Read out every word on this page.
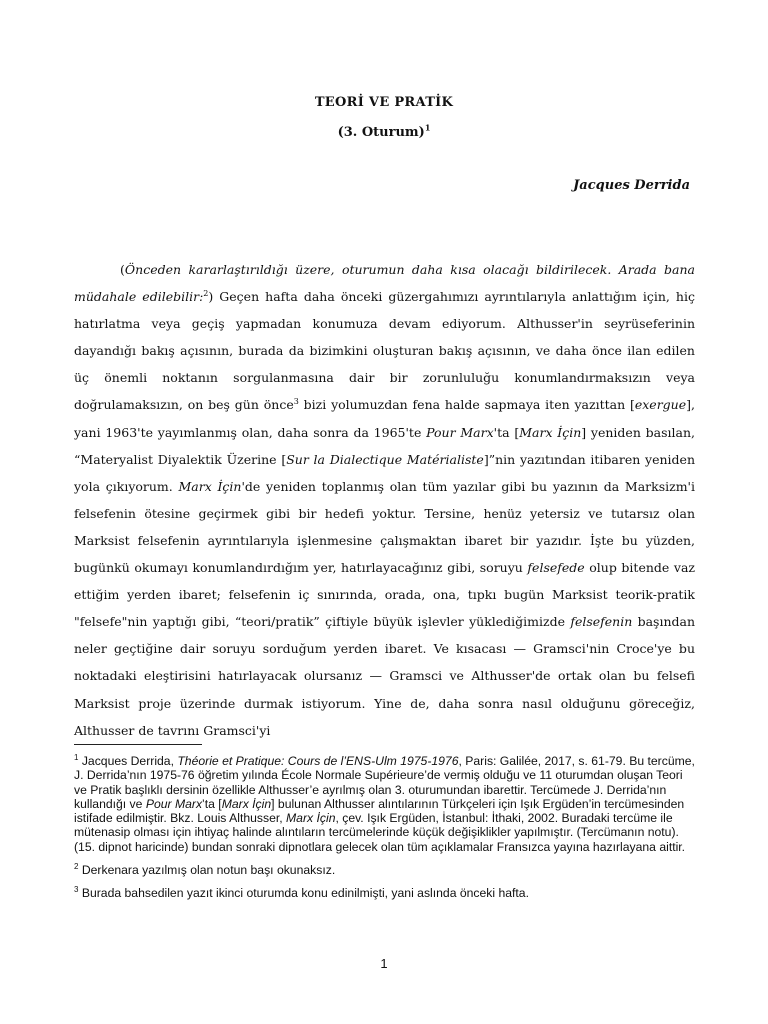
TEORİ VE PRATİK
(3. Oturum)$^1$
Jacques Derrida

(Önceden kararlaştırıldığı üzere, oturumun daha kısa olacağı bildirilecek. Arada bana müdahale edilebilir:$^2$) Geçen hafta daha önceki güzergahımızı ayrıntılarıyla anlattığım için, hiç hatırlatma veya geçiş yapmadan konumuza devam ediyorum. Althusser'in seyrüseferinin dayandığı bakış açısının, burada da bizimkini oluşturan bakış açısının, ve daha önce ilan edilen üç önemli noktanın sorgulanmasına dair bir zorunluluğu konumlandırmaksızın veya doğrulamaksızın, on beş gün önce$^3$ bizi yolumuzdan fena halde sapmaya iten yazıttan [exergue], yani 1963'te yayımlanmış olan, daha sonra da 1965'te Pour Marx'ta [Marx İçin] yeniden basılan, “Materyalist Diyalektik Üzerine [Sur la Dialectique Matérialiste]”nin yazıtından itibaren yeniden yola çıkıyorum. Marx İçin'de yeniden toplanmış olan tüm yazılar gibi bu yazının da Marksizm'i felsefenin ötesine geçirmek gibi bir hedefi yoktur. Tersine, henüz yetersiz ve tutarsız olan Marksist felsefenin ayrıntılarıyla işlenmesine çalışmaktan ibaret bir yazıdır. İşte bu yüzden, bugünkü okumayı konumlandırdığım yer, hatırlayacağınız gibi, soruyu felsefede olup bitende vaz ettiğim yerden ibaret; felsefenin iç sınırında, orada, ona, tıpkı bugün Marksist teorik-pratik "felsefe"nin yaptığı gibi, “teori/pratik” çiftiyle büyük işlevler yüklediğimizde felsefenin başından neler geçtiğine dair soruyu sorduğum yerden ibaret. Ve kısacası — Gramsci'nin Croce'ye bu noktadaki eleştirisini hatırlayacak olursanız — Gramsci ve Althusser'de ortak olan bu felsefi Marksist proje üzerinde durmak istiyorum. Yine de, daha sonra nasıl olduğunu göreceğiz, Althusser de tavrını Gramsci'yi

$^1$ Jacques Derrida, Théorie et Pratique: Cours de l’ENS-Ulm 1975-1976, Paris: Galilée, 2017, s. 61-79. Bu tercüme, J. Derrida’nın 1975-76 öğretim yılında École Normale Supérieure’de vermiş olduğu ve 11 oturumdan oluşan Teori ve Pratik başlıklı dersinin özellikle Althusser’e ayrılmış olan 3. oturumundan ibarettir. Tercümede J. Derrida’nın kullandığı ve Pour Marx’ta [Marx İçin] bulunan Althusser alıntılarının Türkçeleri için Işık Ergüden’in tercümesinden istifade edilmiştir. Bkz. Louis Althusser, Marx İçin, çev. Işık Ergüden, İstanbul: İthaki, 2002. Buradaki tercüme ile mütenasip olması için ihtiyaç halinde alıntıların tercümelerinde küçük değişiklikler yapılmıştır. (Tercümanın notu).
(15. dipnot haricinde) bundan sonraki dipnotlara gelecek olan tüm açıklamalar Fransızca yayına hazırlayana aittir.

$^2$ Derkenara yazılmış olan notun başı okunaksız.

$^3$ Burada bahsedilen yazıt ikinci oturumda konu edinilmişti, yani aslında önceki hafta.

1
